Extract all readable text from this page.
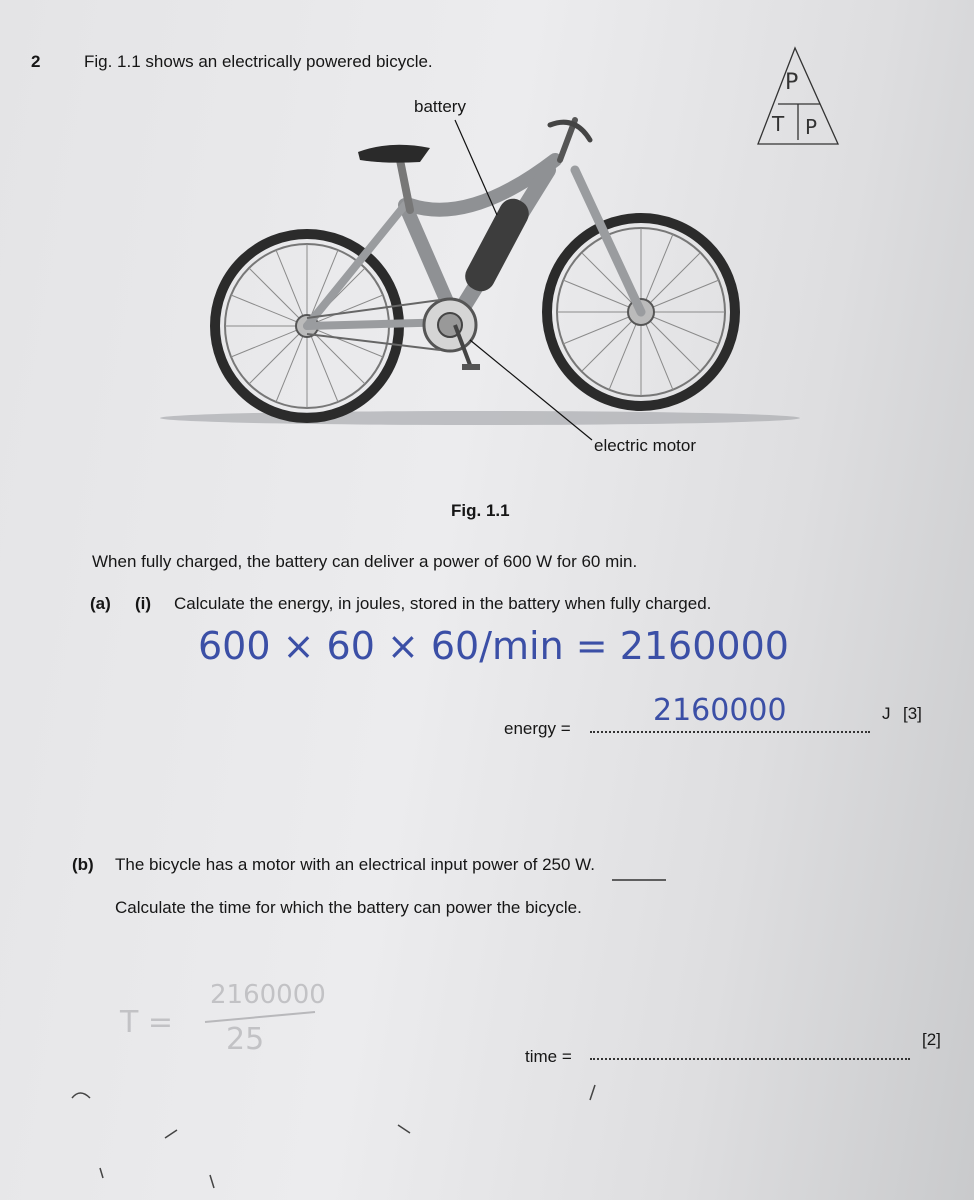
2	Fig. 1.1 shows an electrically powered bicycle.
P
T P
battery
electric motor
Fig. 1.1
When fully charged, the battery can deliver a power of 600 W for 60 min.
(a) (i) Calculate the energy, in joules, stored in the battery when fully charged.
600 × 60 × 60/min = 2160000
energy =
2160000	J [3]
(b) The bicycle has a motor with an electrical input power of 250 W.
Calculate the time for which the battery can power the bicycle.
T =
2160000
25	time =
[2]
